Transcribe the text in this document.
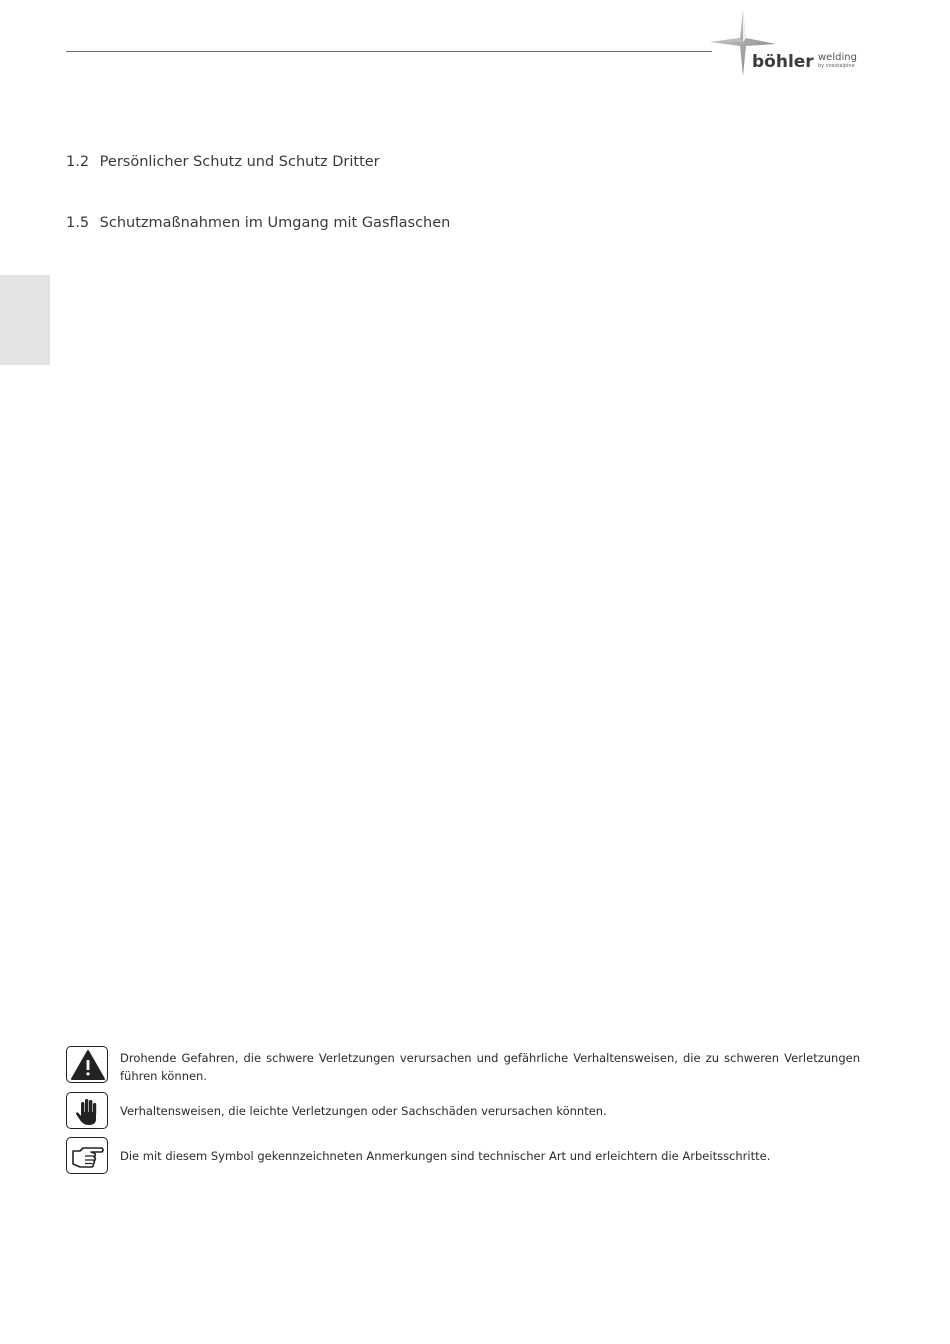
böhler welding
by voestalpine
1.2 Persönlicher Schutz und Schutz Dritter
1.5 Schutzmaßnahmen im Umgang mit Gasflaschen
Drohende Gefahren, die schwere Verletzungen verursachen und gefährliche Verhaltensweisen, die zu schweren Verletzungen führen können.
Verhaltensweisen, die leichte Verletzungen oder Sachschäden verursachen könnten.
Die mit diesem Symbol gekennzeichneten Anmerkungen sind technischer Art und erleichtern die Arbeitsschritte.
